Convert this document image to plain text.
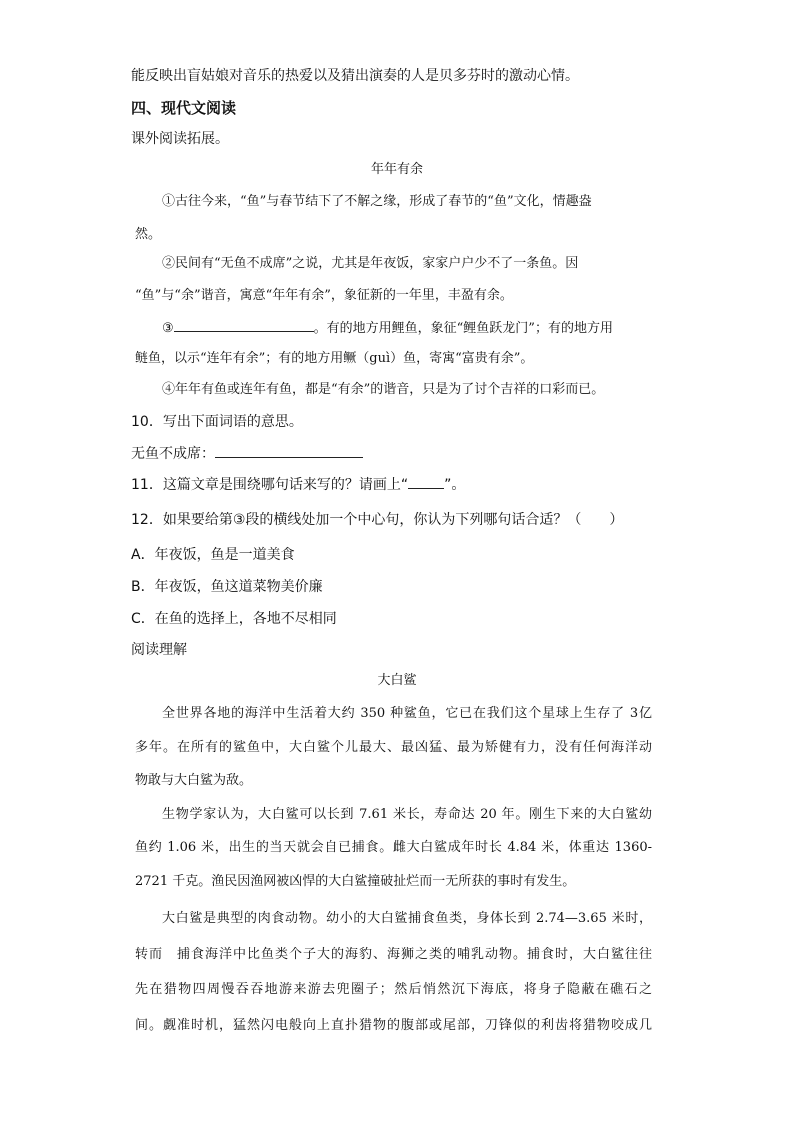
能反映出盲姑娘对音乐的热爱以及猜出演奏的人是贝多芬时的激动心情。
四、现代文阅读
课外阅读拓展。
年年有余
①古往今来，“鱼”与春节结下了不解之缘，形成了春节的“鱼”文化，情趣盎
然。
②民间有“无鱼不成席”之说，尤其是年夜饭，家家户户少不了一条鱼。因
“鱼”与“余”谐音，寓意“年年有余”，象征新的一年里，丰盈有余。
③	。有的地方用鲤鱼，象征“鲤鱼跃龙门”；有的地方用
鲢鱼，以示“连年有余”；有的地方用鳜（guì）鱼，寄寓“富贵有余”。
④年年有鱼或连年有鱼，都是“有余”的谐音，只是为了讨个吉祥的口彩而已。
10．写出下面词语的意思。
无鱼不成席：
11．这篇文章是围绕哪句话来写的？请画上“	”。
12．如果要给第③段的横线处加一个中心句，你认为下列哪句话合适？（　　）
A．年夜饭，鱼是一道美食
B．年夜饭，鱼这道菜物美价廉
C．在鱼的选择上，各地不尽相同
阅读理解
大白鲨
全世界各地的海洋中生活着大约 350 种鲨鱼，它已在我们这个星球上生存了 3亿
多年。在所有的鲨鱼中，大白鲨个儿最大、最凶猛、最为矫健有力，没有任何海洋动
物敢与大白鲨为敌。
生物学家认为，大白鲨可以长到 7.61 米长，寿命达 20 年。刚生下来的大白鲨幼
鱼约 1.06 米，出生的当天就会自已捕食。雌大白鲨成年时长 4.84 米，体重达 1360-
2721 千克。渔民因渔网被凶悍的大白鲨撞破扯烂而一无所获的事时有发生。
大白鲨是典型的肉食动物。幼小的大白鲨捕食鱼类，身体长到 2.74—3.65 米时，
转而　捕食海洋中比鱼类个子大的海豹、海狮之类的哺乳动物。捕食时，大白鲨往往
先在猎物四周慢吞吞地游来游去兜圈子；然后悄然沉下海底，将身子隐蔽在礁石之
间。觑准时机，猛然闪电般向上直扑猎物的腹部或尾部，刀锋似的利齿将猎物咬成几
